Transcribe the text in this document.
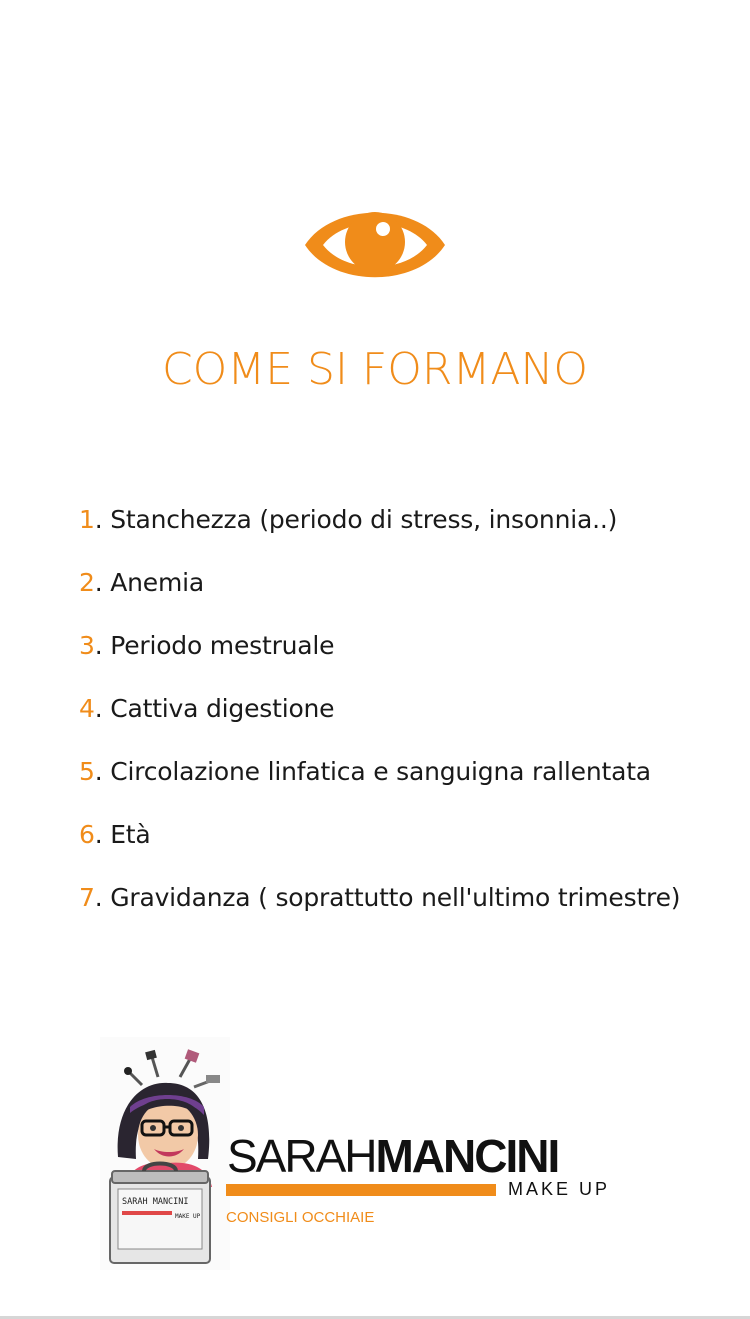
COME SI FORMANO
1. Stanchezza (periodo di stress, insonnia..)
2. Anemia
3. Periodo mestruale
4. Cattiva digestione
5. Circolazione linfatica e sanguigna rallentata
6. Età
7. Gravidanza ( soprattutto nell'ultimo trimestre)
SARAH MANCINI
MAKE UP
SARAHMANCINI
MAKE UP
CONSIGLI OCCHIAIE
